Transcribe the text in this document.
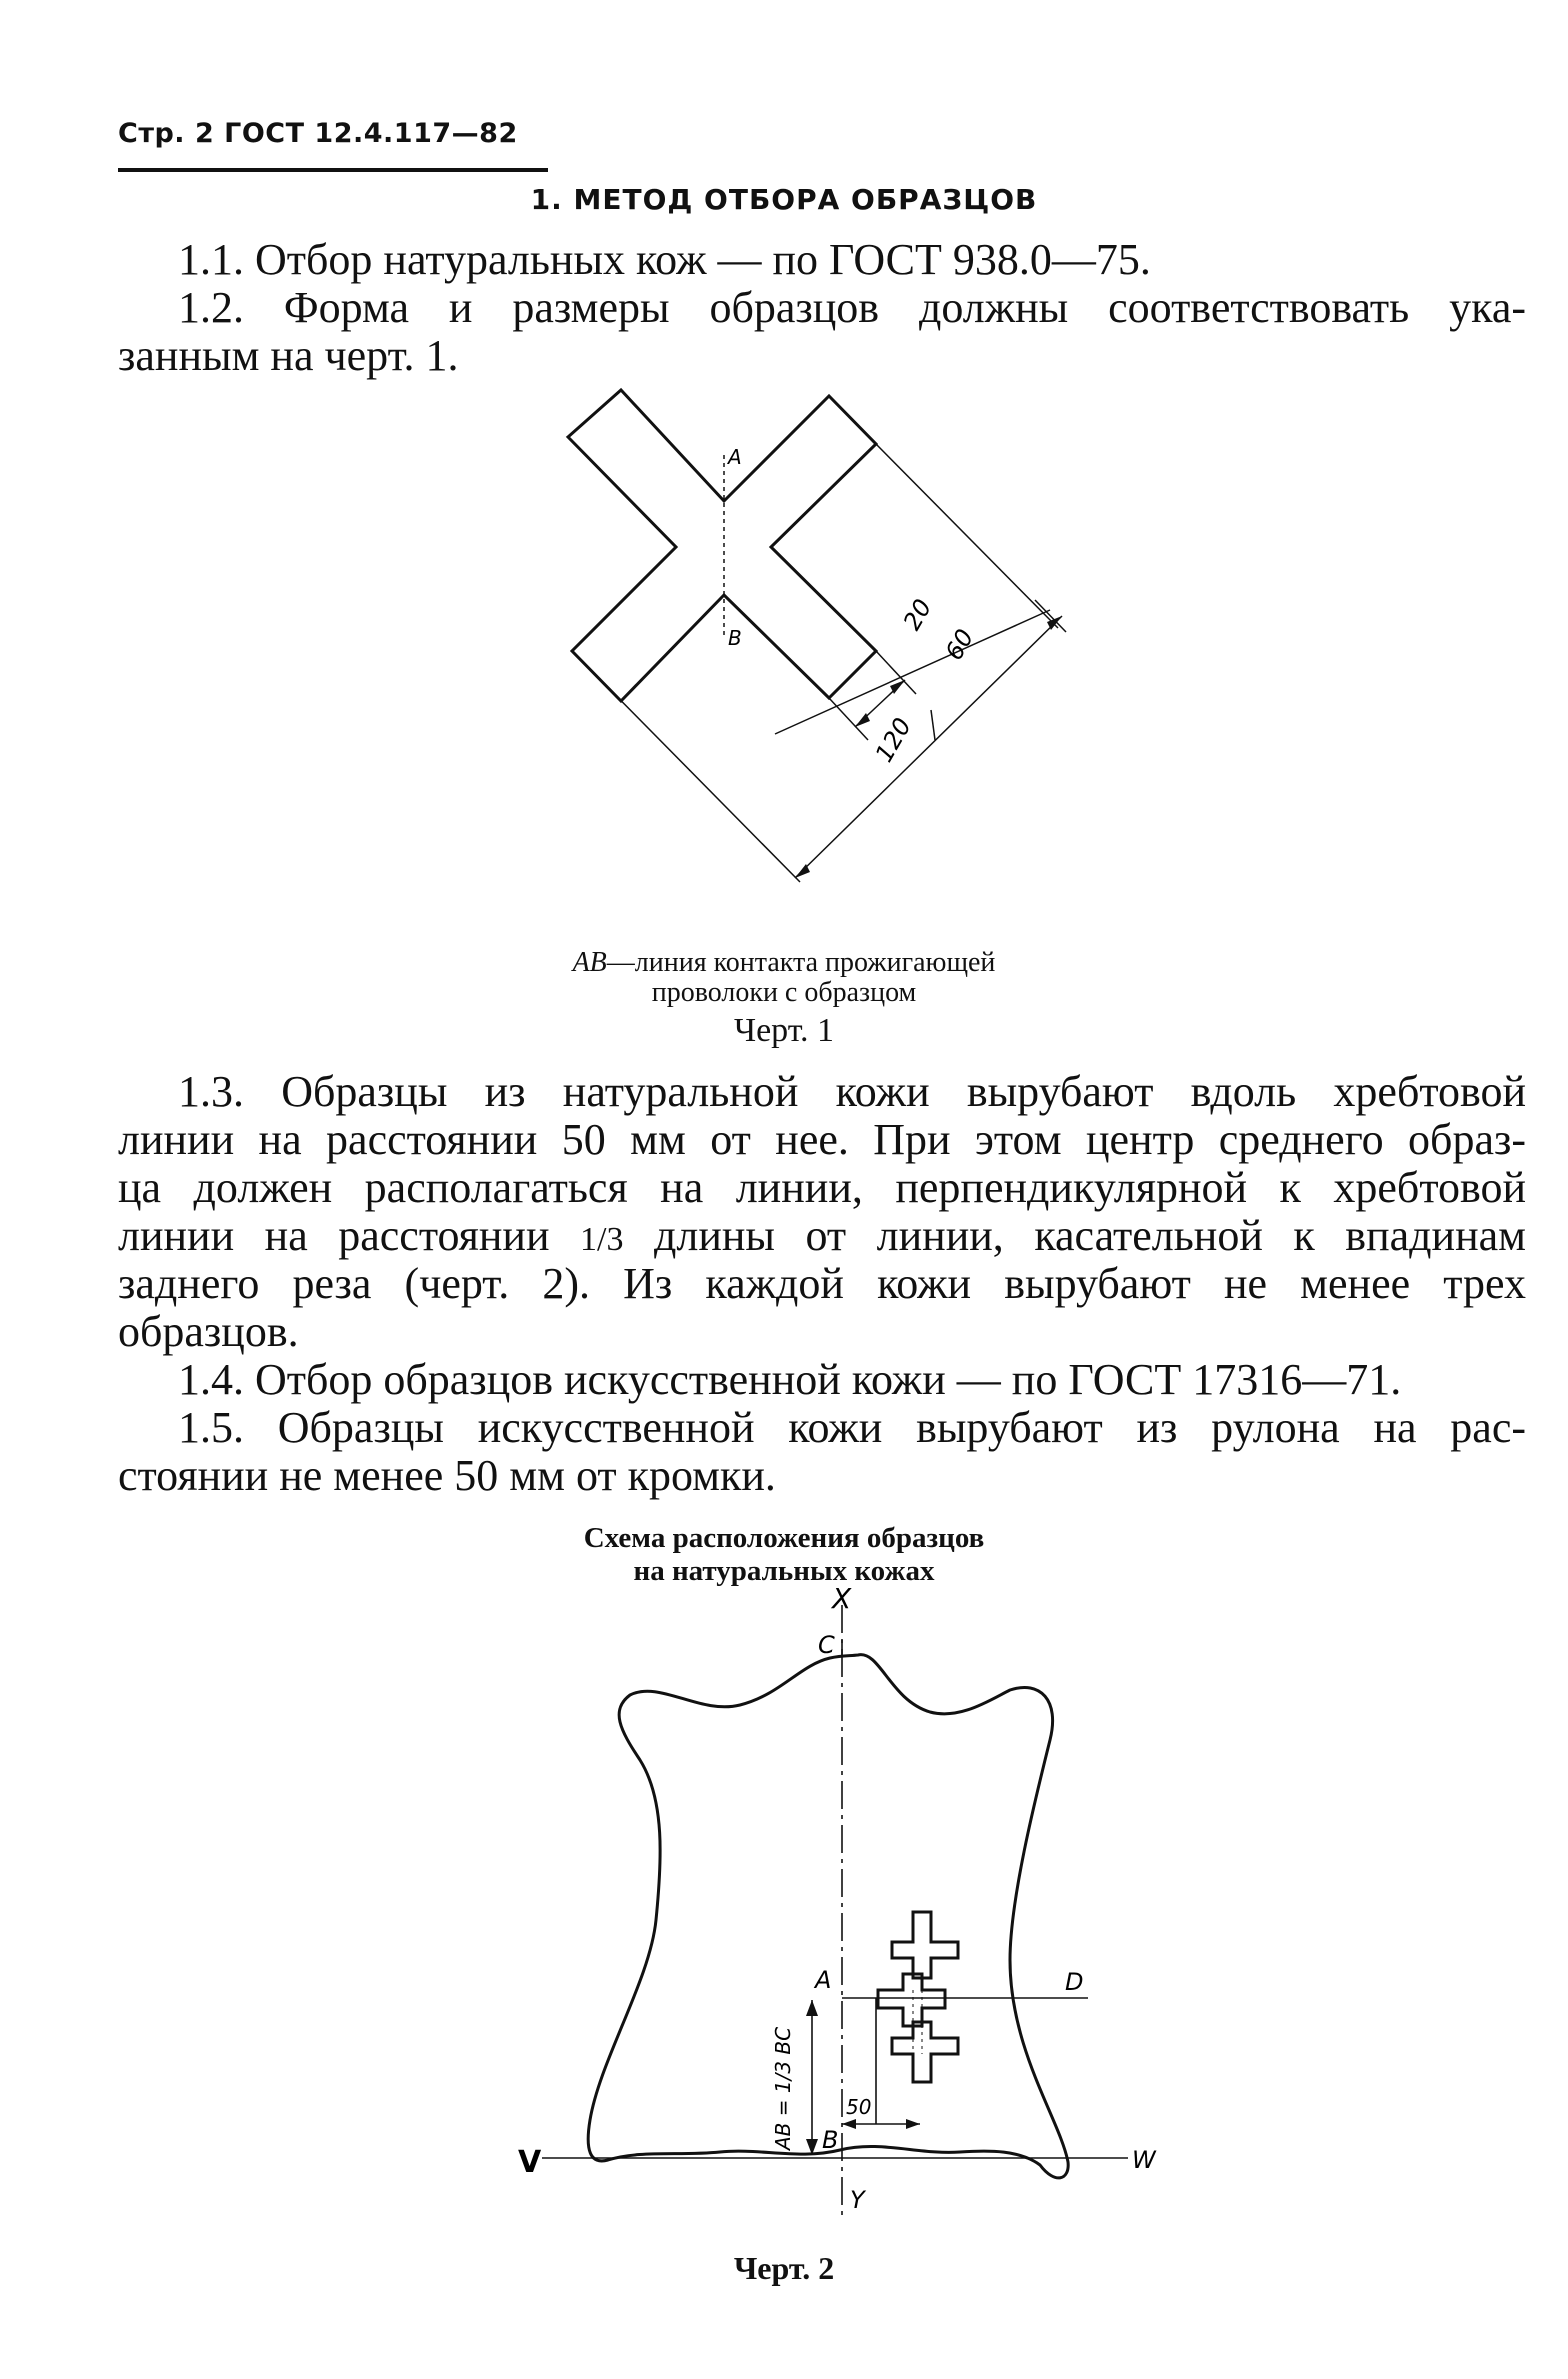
Стр. 2 ГОСТ 12.4.117—82
1. МЕТОД ОТБОРА ОБРАЗЦОВ
1.1. Отбор натуральных кож — по ГОСТ 938.0—75.
1.2. Форма и размеры образцов должны соответствовать ука-
занным на черт. 1.
A
B
20
60
120
AB—линия контакта прожигающей
проволоки с образцом
Черт. 1
1.3. Образцы из натуральной кожи вырубают вдоль хребтовой
линии на расстоянии 50 мм от нее. При этом центр среднего образ-
ца должен располагаться на линии, перпендикулярной к хребтовой
линии на расстоянии 1/3 длины от линии, касательной к впадинам
заднего реза (черт. 2). Из каждой кожи вырубают не менее трех
образцов.
1.4. Отбор образцов искусственной кожи — по ГОСТ 17316—71.
1.5. Образцы искусственной кожи вырубают из рулона на рас-
стоянии не менее 50 мм от кромки.
Схема расположения образцов
на натуральных кожах
X
C
A	D
B
V	W
Y
50
AB = 1/3 BC
Черт. 2
